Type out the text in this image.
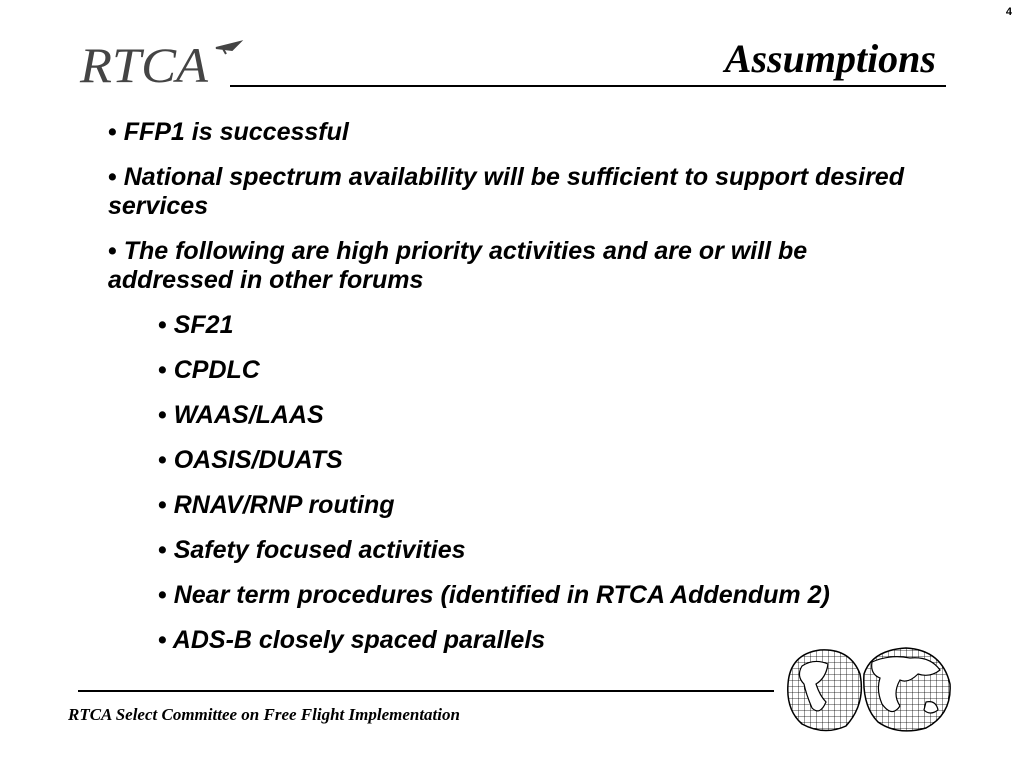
4
RTCA	Assumptions
• FFP1 is successful
• National spectrum availability will be sufficient to support desired services
• The following are high priority activities and are or will be addressed in other forums
• SF21
• CPDLC
• WAAS/LAAS
• OASIS/DUATS
• RNAV/RNP routing
• Safety focused activities
• Near term procedures (identified in RTCA Addendum 2)
• ADS-B closely spaced parallels
RTCA Select Committee on Free Flight Implementation
